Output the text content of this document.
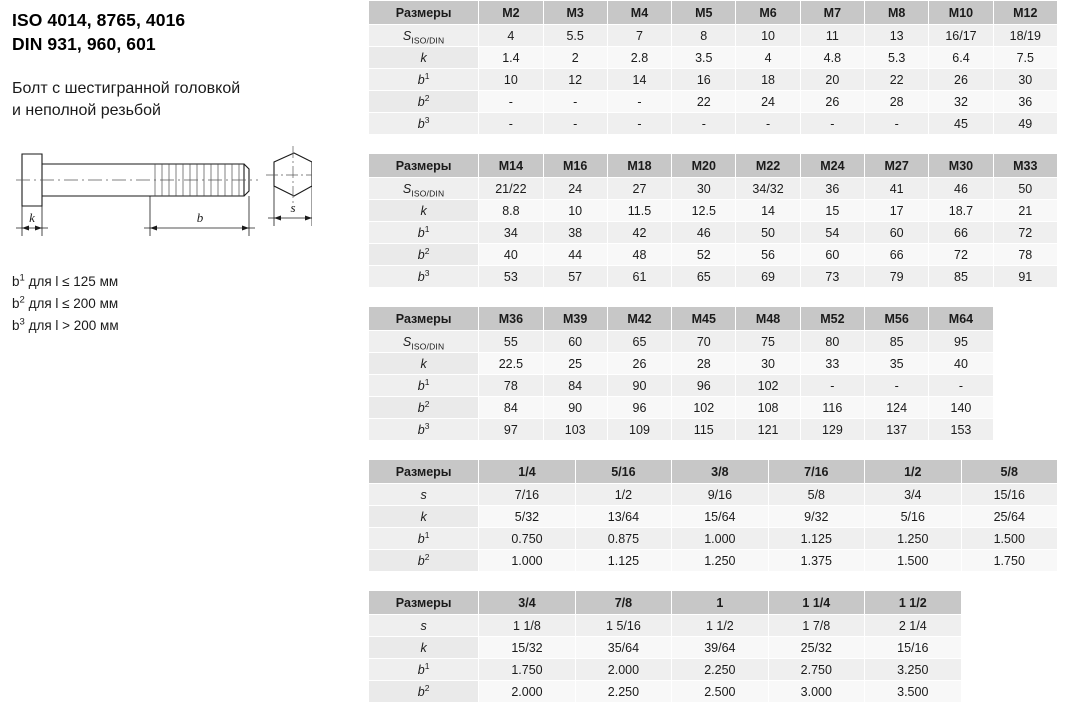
ISO 4014, 8765, 4016
DIN 931, 960, 601
Болт с шестигранной головкой
и неполной резьбой
k	b
s
$b^1$ для l ≤ 125 мм
$b^2$ для l ≤ 200 мм
$b^3$ для l > 200 мм
Размеры	M2	M3	M4	M5	M6	M7	M8	M10	M12
$S_{ISO/DIN}$	4	5.5	7	8	10	11	13	16/17	18/19
k	1.4	2	2.8	3.5	4	4.8	5.3	6.4	7.5
$b^1$	10	12	14	16	18	20	22	26	30
$b^2$	-	-	-	22	24	26	28	32	36
$b^3$	-	-	-	-	-	-	-	45	49
Размеры	M14	M16	M18	M20	M22	M24	M27	M30	M33
$S_{ISO/DIN}$	21/22	24	27	30	34/32	36	41	46	50
k	8.8	10	11.5	12.5	14	15	17	18.7	21
$b^1$	34	38	42	46	50	54	60	66	72
$b^2$	40	44	48	52	56	60	66	72	78
$b^3$	53	57	61	65	69	73	79	85	91
Размеры	M36	M39	M42	M45	M48	M52	M56	M64	
$S_{ISO/DIN}$	55	60	65	70	75	80	85	95	
k	22.5	25	26	28	30	33	35	40	
$b^1$	78	84	90	96	102	-	-	-	
$b^2$	84	90	96	102	108	116	124	140	
$b^3$	97	103	109	115	121	129	137	153	
Размеры	1/4	5/16	3/8	7/16	1/2	5/8
s	7/16	1/2	9/16	5/8	3/4	15/16
k	5/32	13/64	15/64	9/32	5/16	25/64
$b^1$	0.750	0.875	1.000	1.125	1.250	1.500
$b^2$	1.000	1.125	1.250	1.375	1.500	1.750
Размеры	3/4	7/8	1	1 1/4	1 1/2	
s	1 1/8	1 5/16	1 1/2	1 7/8	2 1/4	
k	15/32	35/64	39/64	25/32	15/16	
$b^1$	1.750	2.000	2.250	2.750	3.250	
$b^2$	2.000	2.250	2.500	3.000	3.500	
